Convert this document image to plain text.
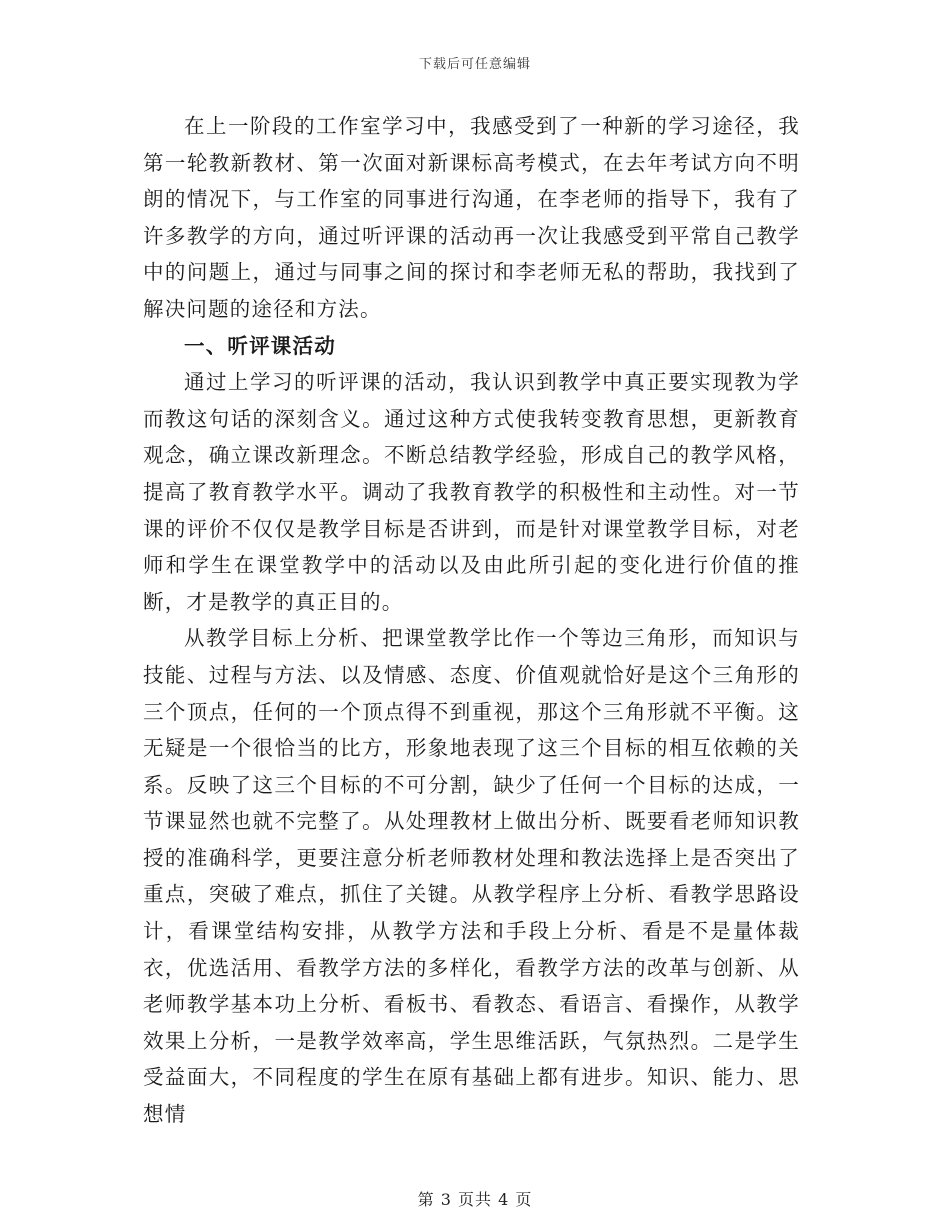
下载后可任意编辑

在上一阶段的工作室学习中，我感受到了一种新的学习途径，我第一轮教新教材、第一次面对新课标高考模式，在去年考试方向不明朗的情况下，与工作室的同事进行沟通，在李老师的指导下，我有了许多教学的方向，通过听评课的活动再一次让我感受到平常自己教学中的问题上，通过与同事之间的探讨和李老师无私的帮助，我找到了解决问题的途径和方法。

一、听评课活动

通过上学习的听评课的活动，我认识到教学中真正要实现教为学而教这句话的深刻含义。通过这种方式使我转变教育思想，更新教育观念，确立课改新理念。不断总结教学经验，形成自己的教学风格，提高了教育教学水平。调动了我教育教学的积极性和主动性。对一节课的评价不仅仅是教学目标是否讲到，而是针对课堂教学目标，对老师和学生在课堂教学中的活动以及由此所引起的变化进行价值的推断，才是教学的真正目的。

从教学目标上分析、把课堂教学比作一个等边三角形，而知识与技能、过程与方法、以及情感、态度、价值观就恰好是这个三角形的三个顶点，任何的一个顶点得不到重视，那这个三角形就不平衡。这无疑是一个很恰当的比方，形象地表现了这三个目标的相互依赖的关系。反映了这三个目标的不可分割，缺少了任何一个目标的达成，一节课显然也就不完整了。从处理教材上做出分析、既要看老师知识教授的准确科学，更要注意分析老师教材处理和教法选择上是否突出了重点，突破了难点，抓住了关键。从教学程序上分析、看教学思路设计，看课堂结构安排，从教学方法和手段上分析、看是不是量体裁衣，优选活用、看教学方法的多样化，看教学方法的改革与创新、从老师教学基本功上分析、看板书、看教态、看语言、看操作，从教学效果上分析，一是教学效率高，学生思维活跃，气氛热烈。二是学生受益面大，不同程度的学生在原有基础上都有进步。知识、能力、思想情

第 3 页共 4 页
